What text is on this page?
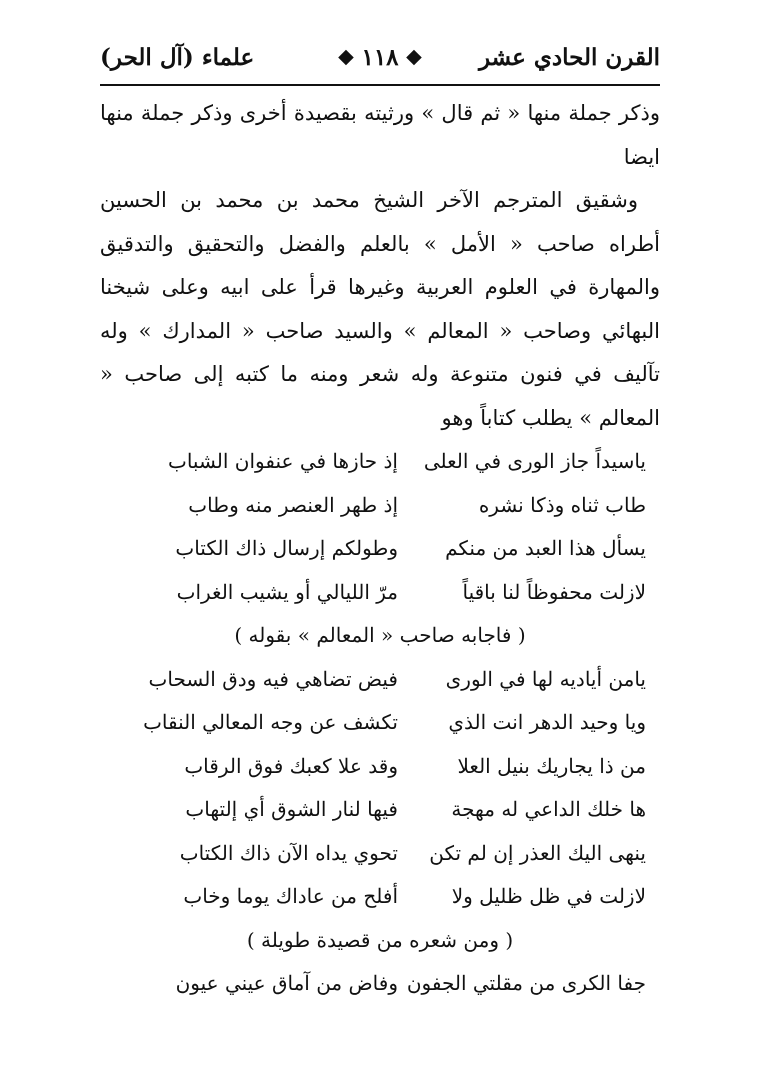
القرن الحادي عشر
١١٨
علماء (آل الحر)

وذكر جملة منها « ثم قال » ورثيته بقصيدة أخرى وذكر جملة منها ايضا

وشقيق المترجم الآخر الشيخ محمد بن محمد بن الحسين أطراه صاحب « الأمل » بالعلم والفضل والتحقيق والتدقيق والمهارة في العلوم العربية وغيرها قرأ على ابيه وعلى شيخنا البهائي وصاحب « المعالم » والسيد صاحب « المدارك » وله تآليف في فنون متنوعة وله شعر ومنه ما كتبه إلى صاحب « المعالم » يطلب كتاباً وهو

ياسيداً جاز الورى في العلى
إذ حازها في عنفوان الشباب
طاب ثناه وذكا نشره
إذ طهر العنصر منه وطاب
يسأل هذا العبد من منكم
وطولكم إرسال ذاك الكتاب
لازلت محفوظاً لنا باقياً
مرّ الليالي أو يشيب الغراب
( فاجابه صاحب « المعالم » بقوله )
يامن أياديه لها في الورى
فيض تضاهي فيه ودق السحاب
ويا وحيد الدهر انت الذي
تكشف عن وجه المعالي النقاب
من ذا يجاريك بنيل العلا
وقد علا كعبك فوق الرقاب
ها خلك الداعي له مهجة
فيها لنار الشوق أي إلتهاب
ينهى اليك العذر إن لم تكن
تحوي يداه الآن ذاك الكتاب
لازلت في ظل ظليل ولا
أفلح من عاداك يوما وخاب
( ومن شعره من قصيدة طويلة )
جفا الكرى من مقلتي الجفون
وفاض من آماق عيني عيون
